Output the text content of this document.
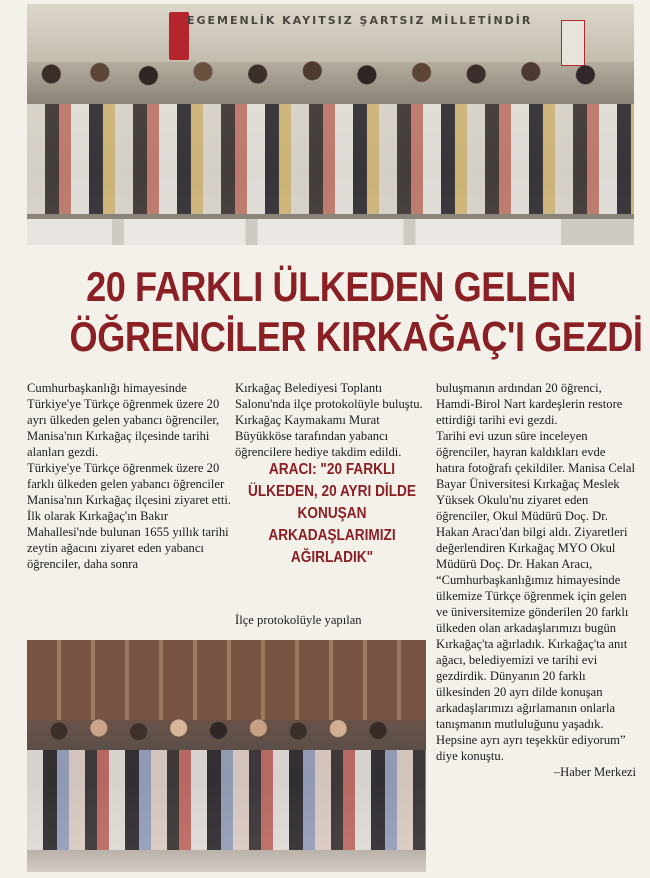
EGEMENLİK KAYITSIZ ŞARTSIZ MİLLETİNDİR
20 FARKLI ÜLKEDEN GELEN
ÖĞRENCİLER KIRKAĞAÇ'I GEZDİ

Cumhurbaşkanlığı himayesinde Türkiye'ye Türkçe öğrenmek üzere 20 ayrı ülkeden gelen yabancı öğrenciler, Manisa'nın Kırkağaç ilçesinde tarihi alanları gezdi.

Türkiye'ye Türkçe öğrenmek üzere 20 farklı ülkeden gelen yabancı öğrenciler Manisa'nın Kırkağaç ilçesini ziyaret etti. İlk olarak Kırkağaç'ın Bakır Mahallesi'nde bulunan 1655 yıllık tarihi zeytin ağacını ziyaret eden yabancı öğrenciler, daha sonra

Kırkağaç Belediyesi Toplantı Salonu'nda ilçe protokolüyle buluştu. Kırkağaç Kaymakamı Murat Büyükköse tarafından yabancı öğrencilere hediye takdim edildi.

ARACI: "20 FARKLI ÜLKEDEN, 20 AYRI DİLDE KONUŞAN ARKADAŞLARIMIZI AĞIRLADIK"

İlçe protokolüyle yapılan

buluşmanın ardından 20 öğrenci, Hamdi-Birol Nart kardeşlerin restore ettirdiği tarihi evi gezdi.

Tarihi evi uzun süre inceleyen öğrenciler, hayran kaldıkları evde hatıra fotoğrafı çekildiler. Manisa Celal Bayar Üniversitesi Kırkağaç Meslek Yüksek Okulu'nu ziyaret eden öğrenciler, Okul Müdürü Doç. Dr. Hakan Aracı'dan bilgi aldı. Ziyaretleri değerlendiren Kırkağaç MYO Okul Müdürü Doç. Dr. Hakan Aracı, “Cumhurbaşkanlığımız himayesinde ülkemize Türkçe öğrenmek için gelen ve üniversitemize gönderilen 20 farklı ülkeden olan arkadaşlarımızı bugün Kırkağaç'ta ağırladık. Kırkağaç'ta anıt ağacı, belediyemizi ve tarihi evi gezdirdik. Dünyanın 20 farklı ülkesinden 20 ayrı dilde konuşan arkadaşlarımızı ağırlamanın onlarla tanışmanın mutluluğunu yaşadık. Hepsine ayrı ayrı teşekkür ediyorum” diye konuştu.

–Haber Merkezi
